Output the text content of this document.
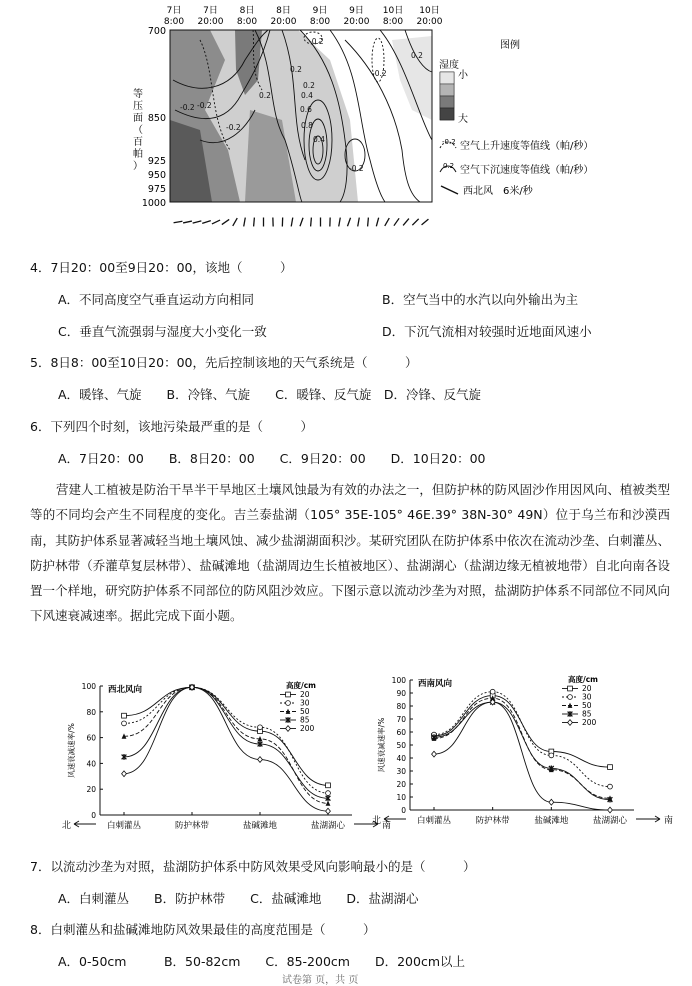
7日
8:00
7日
20:00
8日
8:00
8日
20:00
9日
8:00
9日
20:00
10日
8:00
10日
20:00
等
压
面
（
百
帕
）
700
850
925
950
975
1000
-0.2
-0.2
-0.2
0.2
0.2
0.2
0.2
0.4
0.6
0.8
0.4
-0.2
-0.2
-0.2
图例
湿度
小
大
-0.2 空气上升速度等值线（帕/秒）
0.2 空气下沉速度等值线（帕/秒）
西北风　6米/秒
4．7日20：00至9日20：00，该地（　　　）
A．不同高度空气垂直运动方向相同	B．空气当中的水汽以向外输出为主
C．垂直气流强弱与湿度大小变化一致	D．下沉气流相对较强时近地面风速小
5．8日8：00至10日20：00，先后控制该地的天气系统是（　　　）
A．暖锋、气旋　　B．冷锋、气旋　　C．暖锋、反气旋　D．冷锋、反气旋
6．下列四个时刻，该地污染最严重的是（　　　）
A．7日20：00　　B．8日20：00　　C．9日20：00　　D．10日20：00

营建人工植被是防治干旱半干旱地区土壤风蚀最为有效的办法之一，但防护林的防风固沙作用因风向、植被类型等的不同均会产生不同程度的变化。吉兰泰盐湖（105° 35E-105° 46E.39° 38N-30° 49N）位于乌兰布和沙漠西南，其防护体系显著减轻当地土壤风蚀、减少盐湖湖面积沙。某研究团队在防护体系中依次在流动沙垄、白刺灌丛、防护林带（乔灌草复层林带）、盐碱滩地（盐湖周边生长植被地区）、盐湖湖心（盐湖边缘无植被地带）自北向南各设置一个样地，研究防护体系不同部位的防风阻沙效应。下图示意以流动沙垄为对照，盐湖防护体系不同部位不同风向下风速衰减速率。据此完成下面小题。

0
20
40
60
80
100
风速衰减速率/%
西北风向
白刺灌丛	防护林带	盐碱滩地	盐湖湖心
北	南
高度/cm
20
30
50
85
200
0
10
20
30
40
50
60
70
80
90
100
风速衰减速率/%
西南风向
白刺灌丛	防护林带	盐碱滩地	盐湖湖心
北	南
高度/cm
20
30
50
85
200
7．以流动沙垄为对照，盐湖防护体系中防风效果受风向影响最小的是（　　　）
A．白刺灌丛　　B．防护林带　　C．盐碱滩地　　D．盐湖湖心
8．白刺灌丛和盐碱滩地防风效果最佳的高度范围是（　　　）
A．0-50cm　　　B．50-82cm　　C．85-200cm　　D．200cm以上
试卷第 页，共 页
